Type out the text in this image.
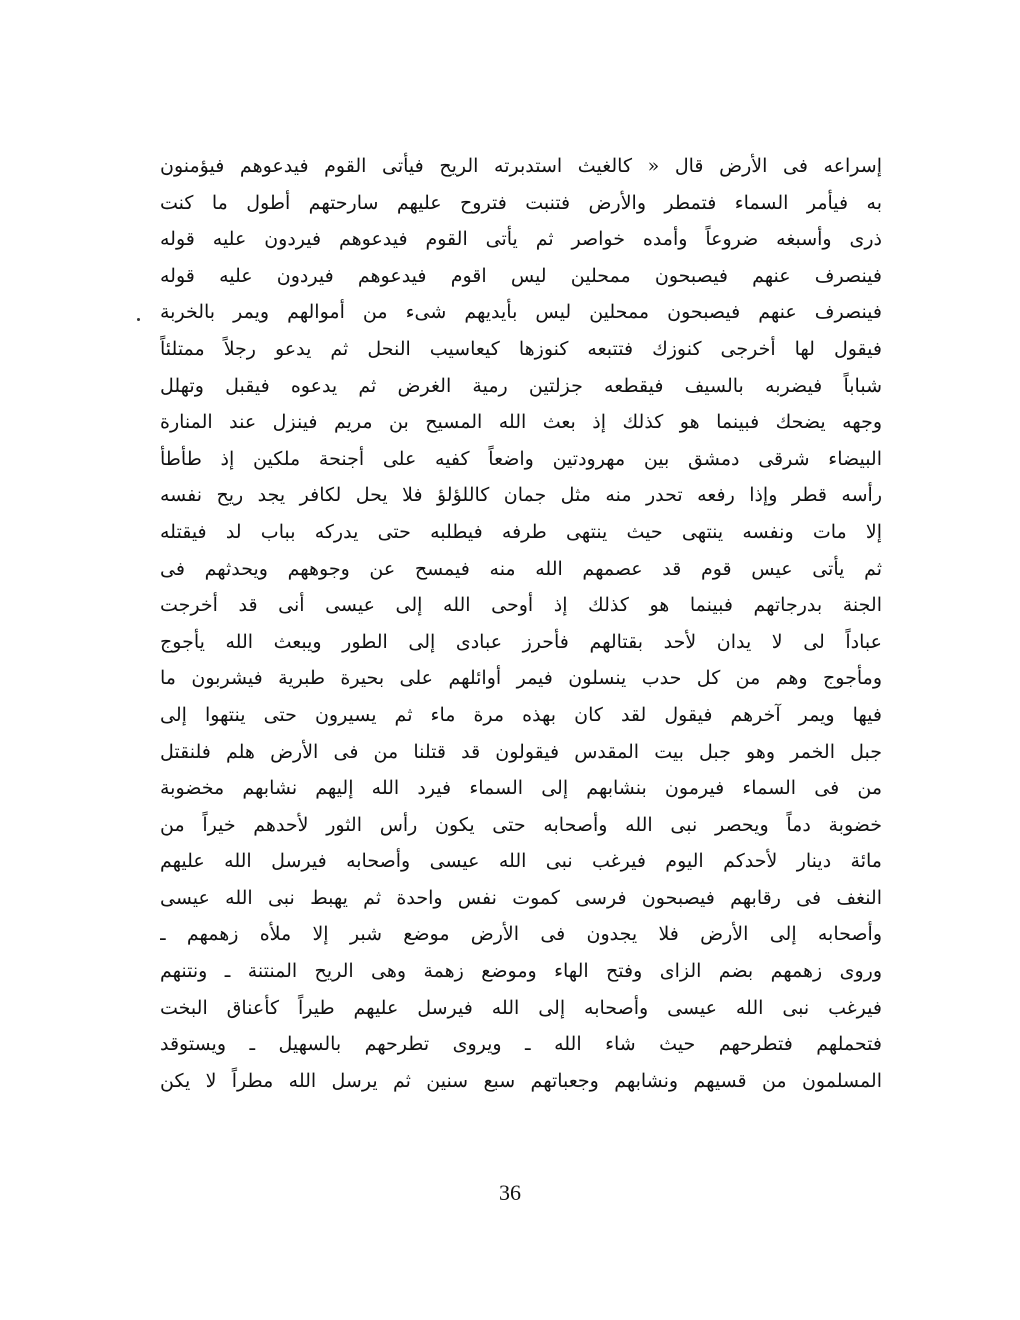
إسراعه فى الأرض قال « كالغيث استدبرته الريح فيأتى القوم فيدعوهم فيؤمنون
به فيأمر السماء فتمطر والأرض فتنبت فتروح عليهم سارحتهم أطول ما كنت
ذرى وأسبغه ضروعاً وأمده خواصر ثم يأتى القوم فيدعوهم فيردون عليه قوله
فينصرف عنهم فيصبحون ممحلين ليس اقوم فيدعوهم فيردون عليه قوله
فينصرف عنهم فيصبحون ممحلين ليس بأيديهم شىء من أموالهم ويمر بالخربة
فيقول لها أخرجى كنوزك فتتبعه كنوزها كيعاسيب النحل ثم يدعو رجلاً ممتلئاً
شباباً فيضربه بالسيف فيقطعه جزلتين رمية الغرض ثم يدعوه فيقبل وتهلل
وجهه يضحك فبينما هو كذلك إذ بعث الله المسيح بن مريم فينزل عند المنارة
البيضاء شرقى دمشق بين مهرودتين واضعاً كفيه على أجنحة ملكين إذ طأطأ
رأسه قطر وإذا رفعه تحدر منه مثل جمان كاللؤلؤ فلا يحل لكافر يجد ريح نفسه
إلا مات ونفسه ينتهى حيث ينتهى طرفه فيطلبه حتى يدركه بباب لد فيقتله
ثم يأتى عيس قوم قد عصمهم الله منه فيمسح عن وجوههم ويحدثهم فى
الجنة بدرجاتهم فبينما هو كذلك إذ أوحى الله إلى عيسى أنى قد أخرجت
عباداً لى لا يدان لأحد بقتالهم فأحرز عبادى إلى الطور ويبعث الله يأجوج
ومأجوج وهم من كل حدب ينسلون فيمر أوائلهم على بحيرة طبرية فيشربون ما
فيها ويمر آخرهم فيقول لقد كان بهذه مرة ماء ثم يسيرون حتى ينتهوا إلى
جبل الخمر وهو جبل بيت المقدس فيقولون قد قتلنا من فى الأرض هلم فلنقتل
من فى السماء فيرمون بنشابهم إلى السماء فيرد الله إليهم نشابهم مخضوبة
خضوبة دماً ويحصر نبى الله وأصحابه حتى يكون رأس الثور لأحدهم خيراً من
مائة دينار لأحدكم اليوم فيرغب نبى الله عيسى وأصحابه فيرسل الله عليهم
النغف فى رقابهم فيصبحون فرسى كموت نفس واحدة ثم يهبط نبى الله عيسى
وأصحابه إلى الأرض فلا يجدون فى الأرض موضع شبر إلا ملأه زهمهم ـ
وروى زهمهم بضم الزاى وفتح الهاء وموضع زهمة وهى الريح المنتنة ـ ونتنهم
فيرغب نبى الله عيسى وأصحابه إلى الله فيرسل عليهم طيراً كأعناق البخت
فتحملهم فتطرحهم حيث شاء الله ـ ويروى تطرحهم بالسهيل ـ ويستوقد
المسلمون من قسيهم ونشابهم وجعباتهم سبع سنين ثم يرسل الله مطراً لا يكن
36
